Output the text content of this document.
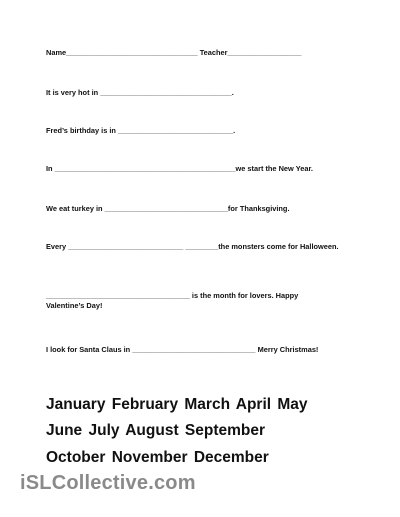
Name________________________________ Teacher__________________
It is very hot in ________________________________.
Fred’s birthday is in ____________________________.
In ____________________________________________we start the New Year.
We eat turkey in ______________________________for Thanksgiving.
Every ____________________________ ________the monsters come for Halloween.
___________________________________ is the month for lovers. Happy Valentine’s Day!
I look for Santa Claus in ______________________________ Merry Christmas!
January February March April May
June July August September
October November December
iSLCollective.com
